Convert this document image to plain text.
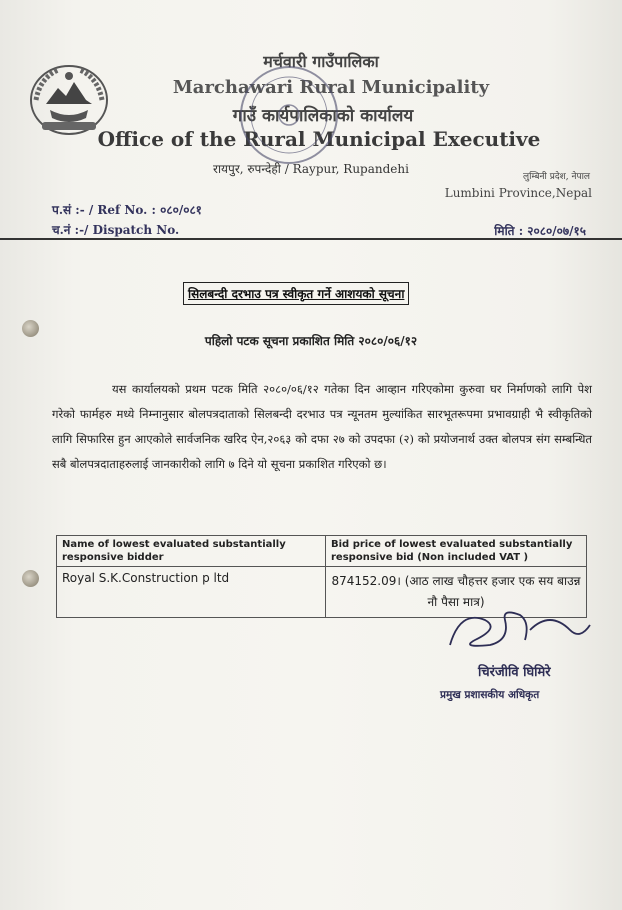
मर्चवारी गाउँपालिका
Marchawari Rural Municipality
गाउँ कार्यपालिकाको कार्यालय
Office of the Rural Municipal Executive
रायपुर, रुपन्देही / Raypur, Rupandehi
लुम्बिनी प्रदेश, नेपाल
Lumbini Province,Nepal
प.सं :- / Ref No. : ०८०/०८१
च.नं :-/ Dispatch No.	मिति : २०८०/०७/१५
सिलबन्दी दरभाउ पत्र स्वीकृत गर्ने आशयको सूचना
पहिलो पटक सूचना प्रकाशित मिति २०८०/०६/१२
यस कार्यालयको प्रथम पटक मिति २०८०/०६/१२ गतेका दिन आव्हान गरिएकोमा कुरुवा घर निर्माणको लागि पेश गरेको फार्महरु मध्ये निम्नानुसार बोलपत्रदाताको सिलबन्दी दरभाउ पत्र न्यूनतम मुल्यांकित सारभूतरूपमा प्रभावग्राही भै स्वीकृतिको लागि सिफारिस हुन आएकोले सार्वजनिक खरिद ऐन,२०६३ को दफा २७ को उपदफा (२) को प्रयोजनार्थ उक्त बोलपत्र संग सम्बन्धित सबै बोलपत्रदाताहरुलाई जानकारीको लागि ७ दिने यो सूचना प्रकाशित गरिएको छ।
Name of lowest evaluated substantially responsive bidder	Bid price of lowest evaluated substantially responsive bid (Non included VAT )
Royal S.K.Construction p ltd	874152.09। (आठ लाख चौहत्तर हजार एक सय बाउन्न नौ पैसा मात्र)
चिरंजीवि घिमिरे
प्रमुख प्रशासकीय अधिकृत
